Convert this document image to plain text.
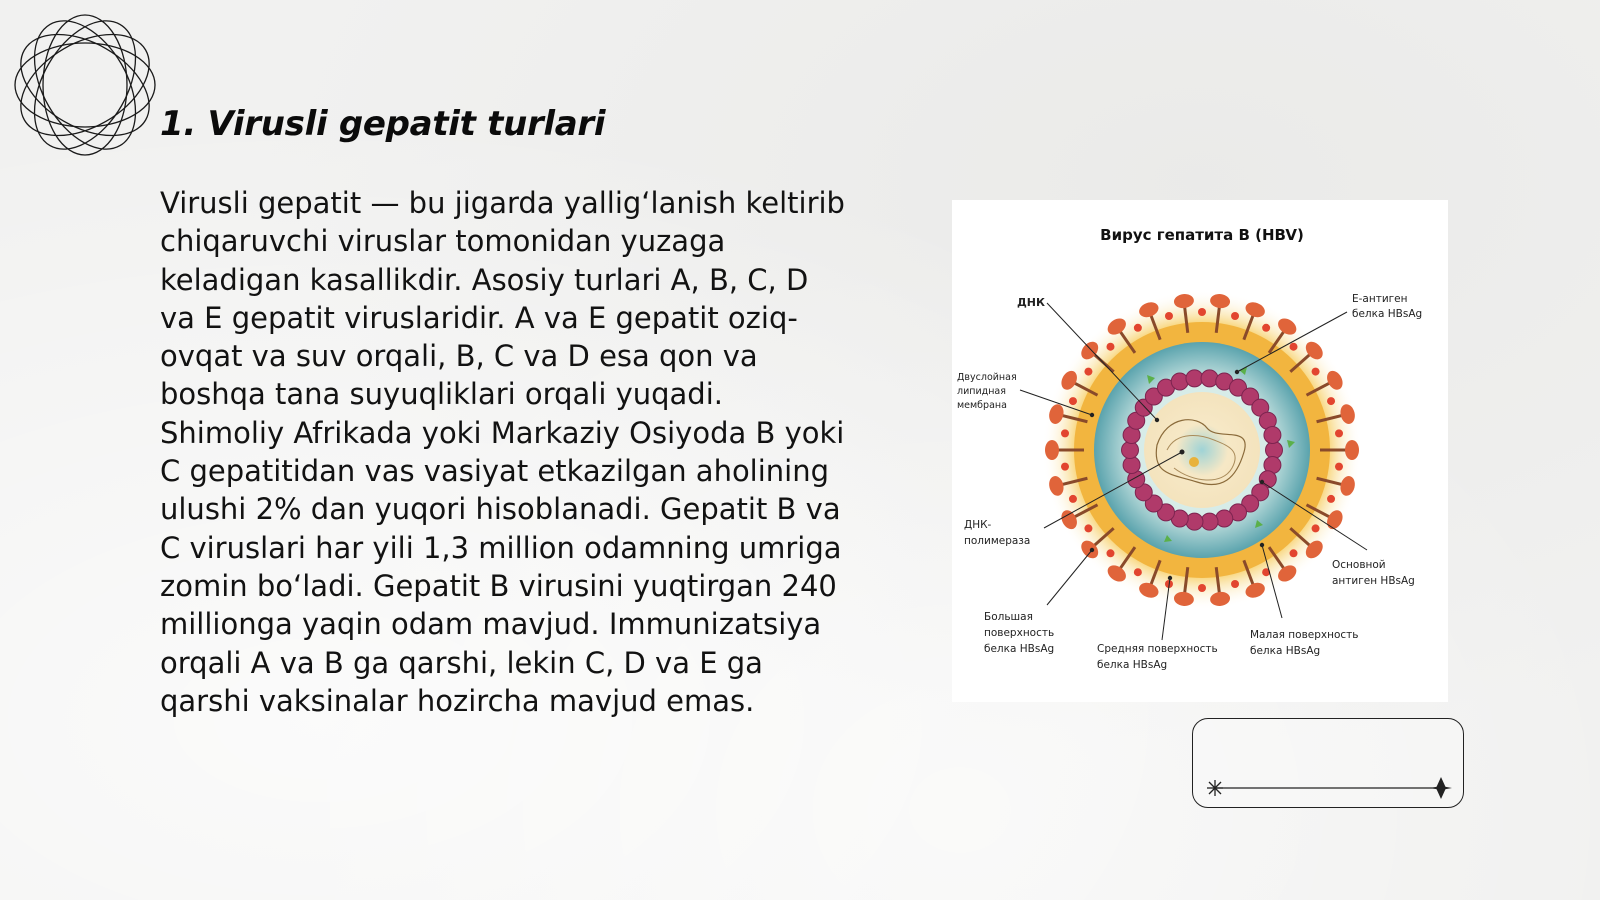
1. Virusli gepatit turlari

Virusli gepatit — bu jigarda yallig‘lanish keltirib chiqaruvchi viruslar tomonidan yuzaga keladigan kasallikdir. Asosiy turlari A, B, C, D va E gepatit viruslaridir. A va E gepatit oziq-ovqat va suv orqali, B, C va D esa qon va boshqa tana suyuqliklari orqali yuqadi. Shimoliy Afrikada yoki Markaziy Osiyoda B yoki C gepatitidan vas vasiyat etkazilgan aholining ulushi 2% dan yuqori hisoblanadi. Gepatit B va C viruslari har yili 1,3 million odamning umriga zomin bo‘ladi. Gepatit B virusini yuqtirgan 240 millionga yaqin odam mavjud. Immunizatsiya orqali A va B ga qarshi, lekin C, D va E ga qarshi vaksinalar hozircha mavjud emas.

Вирус гепатита В (HBV)
ДНК	Е-антиген
белка HBsAg
Двуслойная
липидная
мембрана
ДНК-
полимераза
Основной
антиген HBsAg
Большая
поверхность
белка HBsAg	Средняя поверхность
белка HBsAg
Малая поверхность
белка HBsAg
